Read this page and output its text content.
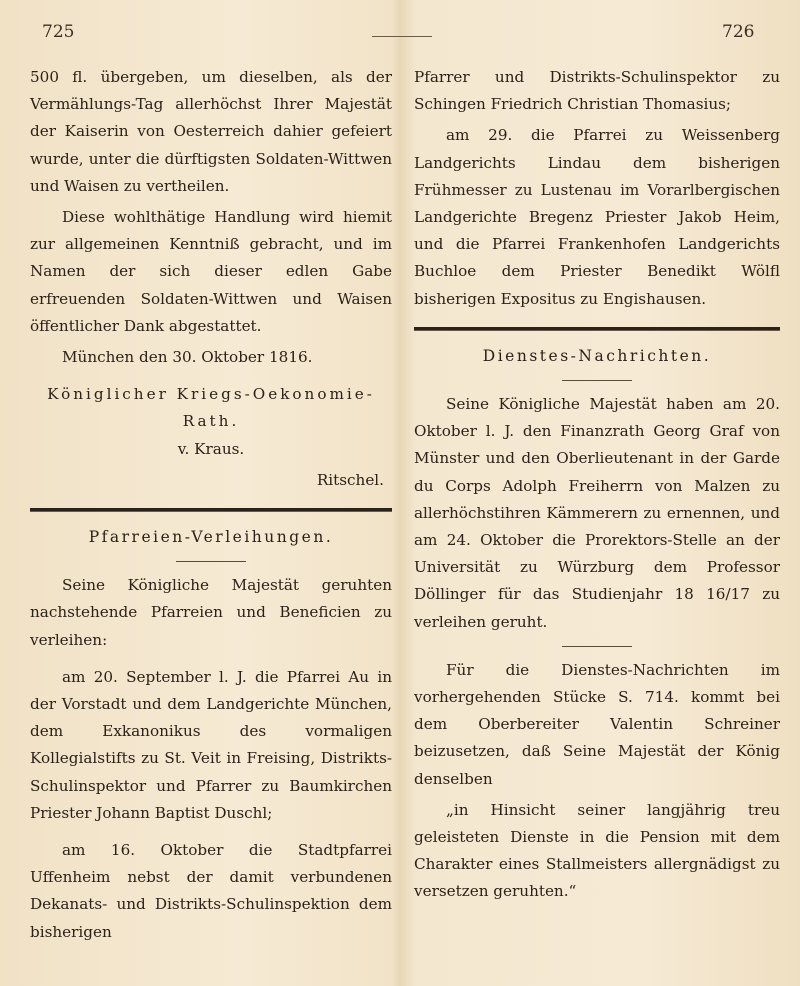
725	726

500 fl. übergeben, um dieselben, als der Vermählungs-Tag allerhöchst Ihrer Majestät der Kaiserin von Oesterreich dahier gefeiert wurde, unter die dürftigsten Soldaten-Wittwen und Waisen zu vertheilen.

Diese wohlthätige Handlung wird hiemit zur allgemeinen Kenntniß gebracht, und im Namen der sich dieser edlen Gabe erfreuenden Soldaten-Wittwen und Waisen öffentlicher Dank abgestattet.

München den 30. Oktober 1816.

Königlicher Kriegs-Oekonomie-

Rath.

v. Kraus.

Ritschel.

Pfarreien-Verleihungen.

Seine Königliche Majestät geruhten nachstehende Pfarreien und Beneficien zu verleihen:

am 20. September l. J. die Pfarrei Au in der Vorstadt und dem Landgerichte München, dem Exkanonikus des vormaligen Kollegialstifts zu St. Veit in Freising, Distrikts-Schulinspektor und Pfarrer zu Baumkirchen Priester Johann Baptist Duschl;

am 16. Oktober die Stadtpfarrei Uffenheim nebst der damit verbundenen Dekanats- und Distrikts-Schulinspektion dem bisherigen

Pfarrer und Distrikts-Schulinspektor zu Schingen Friedrich Christian Thomasius;

am 29. die Pfarrei zu Weissenberg Landgerichts Lindau dem bisherigen Frühmesser zu Lustenau im Vorarlbergischen Landgerichte Bregenz Priester Jakob Heim, und die Pfarrei Frankenhofen Landgerichts Buchloe dem Priester Benedikt Wölfl bisherigen Expositus zu Engishausen.

Dienstes-Nachrichten.

Seine Königliche Majestät haben am 20. Oktober l. J. den Finanzrath Georg Graf von Münster und den Oberlieutenant in der Garde du Corps Adolph Freiherrn von Malzen zu allerhöchstihren Kämmerern zu ernennen, und am 24. Oktober die Prorektors-Stelle an der Universität zu Würzburg dem Professor Döllinger für das Studienjahr 18 16/17 zu verleihen geruht.

Für die Dienstes-Nachrichten im vorhergehenden Stücke S. 714. kommt bei dem Oberbereiter Valentin Schreiner beizusetzen, daß Seine Majestät der König denselben

„in Hinsicht seiner langjährig treu geleisteten Dienste in die Pension mit dem Charakter eines Stallmeisters allergnädigst zu versetzen geruhten.“
